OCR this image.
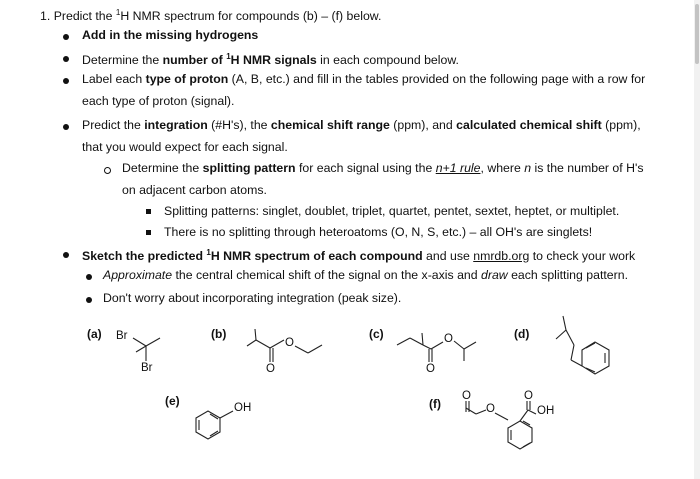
1. Predict the $^1$H NMR spectrum for compounds (b) – (f) below.
Add in the missing hydrogens
Determine the number of $^1$H NMR signals in each compound below.
Label each type of proton (A, B, etc.) and fill in the tables provided on the following page with a row for
each type of proton (signal).
Predict the integration (#H's), the chemical shift range (ppm), and calculated chemical shift (ppm),
that you would expect for each signal.
Determine the splitting pattern for each signal using the n+1 rule, where n is the number of H's
on adjacent carbon atoms.
Splitting patterns: singlet, doublet, triplet, quartet, pentet, sextet, heptet, or multiplet.
There is no splitting through heteroatoms (O, N, S, etc.) – all OH's are singlets!
Sketch the predicted $^1$H NMR spectrum of each compound and use nmrdb.org to check your work
Approximate the central chemical shift of the signal on the x-axis and draw each splitting pattern.
Don't worry about incorporating integration (peak size).
(a) Br
Br
(b)
O
O
(c)	O
O
(d)
(e)	OH	(f)
O
O
O
OH
